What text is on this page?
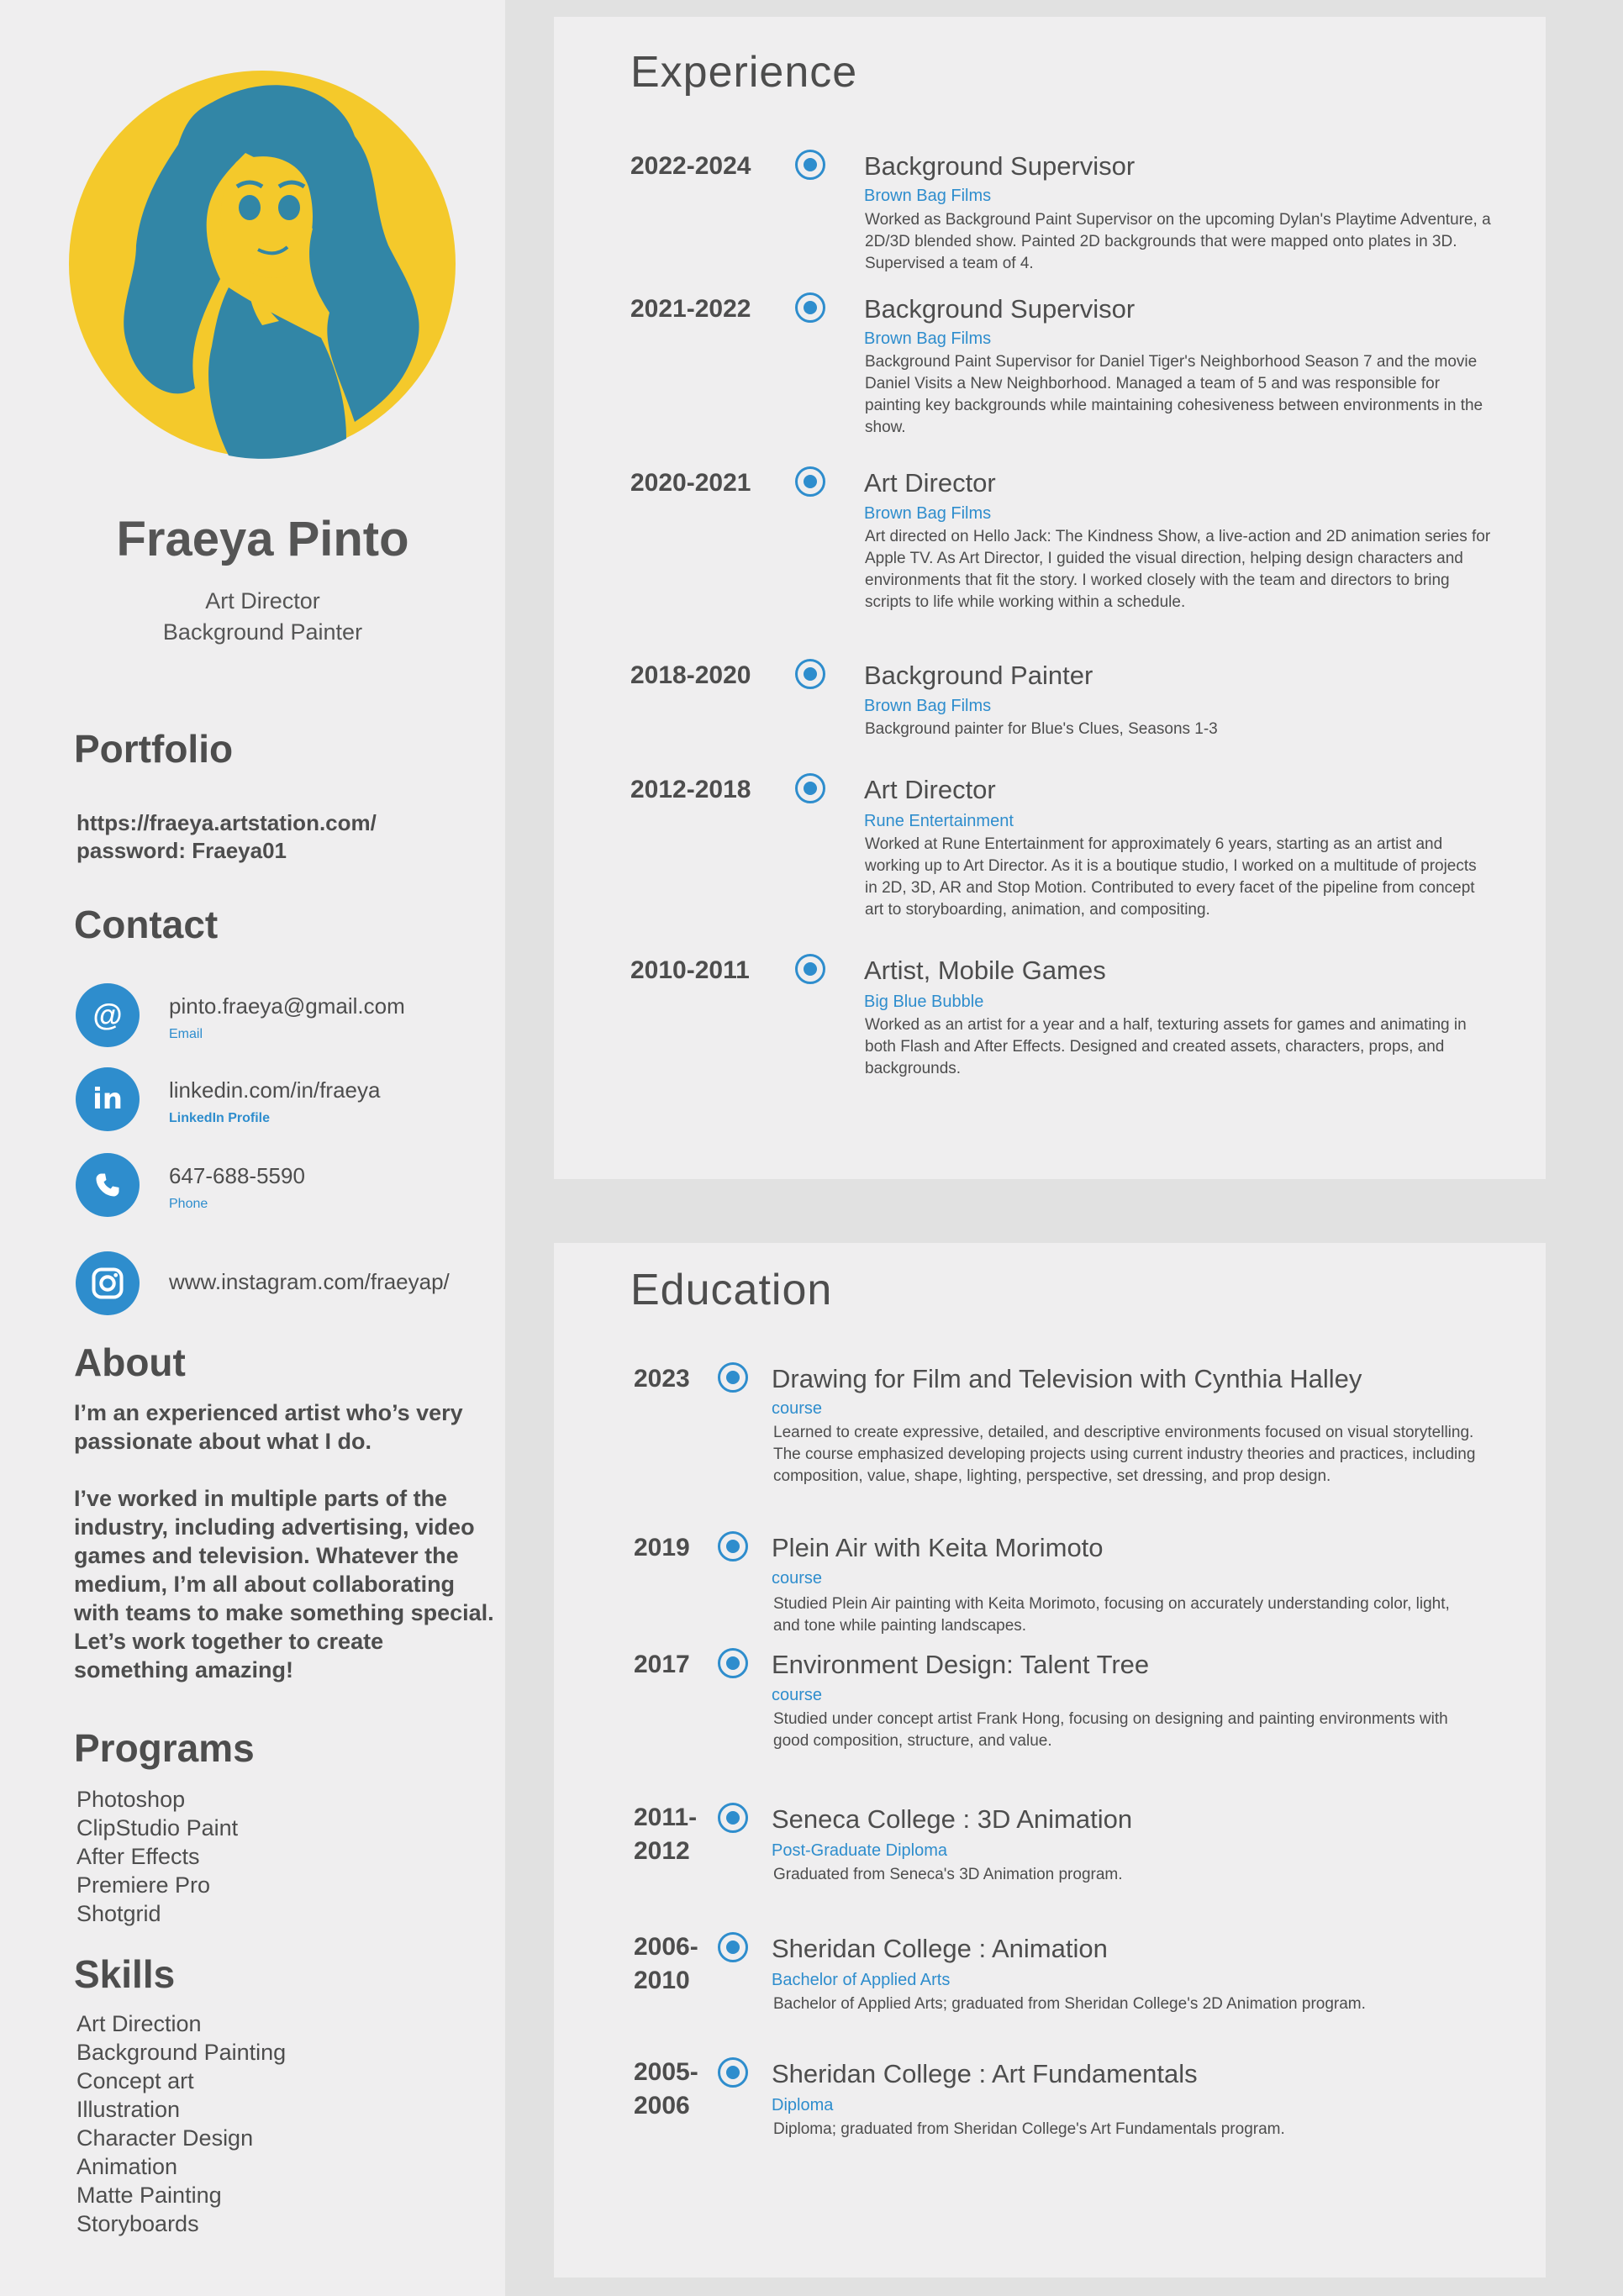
Fraeya Pinto
Art Director
Background Painter
Portfolio
https://fraeya.artstation.com/
password: Fraeya01
Contact
@ pinto.fraeya@gmail.com
Email
in linkedin.com/in/fraeya
LinkedIn Profile
647-688-5590
Phone
www.instagram.com/fraeyap/
About

I’m an experienced artist who’s very passionate about what I do.

I’ve worked in multiple parts of the industry, including advertising, video games and television. Whatever the medium, I’m all about collaborating with teams to make something special. Let’s work together to create something amazing!

Programs
Photoshop
ClipStudio Paint
After Effects
Premiere Pro
Shotgrid
Skills
Art Direction
Background Painting
Concept art
Illustration
Character Design
Animation
Matte Painting
Storyboards
Experience
2022-2024	Background Supervisor
Brown Bag Films

Worked as Background Paint Supervisor on the upcoming Dylan's Playtime Adventure, a 2D/3D blended show. Painted 2D backgrounds that were mapped onto plates in 3D. Supervised a team of 4.

2021-2022	Background Supervisor
Brown Bag Films

Background Paint Supervisor for Daniel Tiger's Neighborhood Season 7 and the movie Daniel Visits a New Neighborhood. Managed a team of 5 and was responsible for painting key backgrounds while maintaining cohesiveness between environments in the show.

2020-2021	Art Director
Brown Bag Films

Art directed on Hello Jack: The Kindness Show, a live-action and 2D animation series for Apple TV. As Art Director, I guided the visual direction, helping design characters and environments that fit the story. I worked closely with the team and directors to bring scripts to life while working within a schedule.

2018-2020	Background Painter
Brown Bag Films

Background painter for Blue's Clues, Seasons 1-3

2012-2018	Art Director
Rune Entertainment

Worked at Rune Entertainment for approximately 6 years, starting as an artist and working up to Art Director. As it is a boutique studio, I worked on a multitude of projects in 2D, 3D, AR and Stop Motion. Contributed to every facet of the pipeline from concept art to storyboarding, animation, and compositing.

2010-2011	Artist, Mobile Games
Big Blue Bubble

Worked as an artist for a year and a half, texturing assets for games and animating in both Flash and After Effects. Designed and created assets, characters, props, and backgrounds.

Education
2023	Drawing for Film and Television with Cynthia Halley
course

Learned to create expressive, detailed, and descriptive environments focused on visual storytelling. The course emphasized developing projects using current industry theories and practices, including composition, value, shape, lighting, perspective, set dressing, and prop design.

2019	Plein Air with Keita Morimoto
course

Studied Plein Air painting with Keita Morimoto, focusing on accurately understanding color, light, and tone while painting landscapes.

2017	Environment Design: Talent Tree
course

Studied under concept artist Frank Hong, focusing on designing and painting environments with good composition, structure, and value.

2011-2012
Seneca College : 3D Animation
Post-Graduate Diploma

Graduated from Seneca's 3D Animation program.

2006-2010
Sheridan College : Animation
Bachelor of Applied Arts

Bachelor of Applied Arts; graduated from Sheridan College's 2D Animation program.

2005-2006
Sheridan College : Art Fundamentals
Diploma

Diploma; graduated from Sheridan College's Art Fundamentals program.
